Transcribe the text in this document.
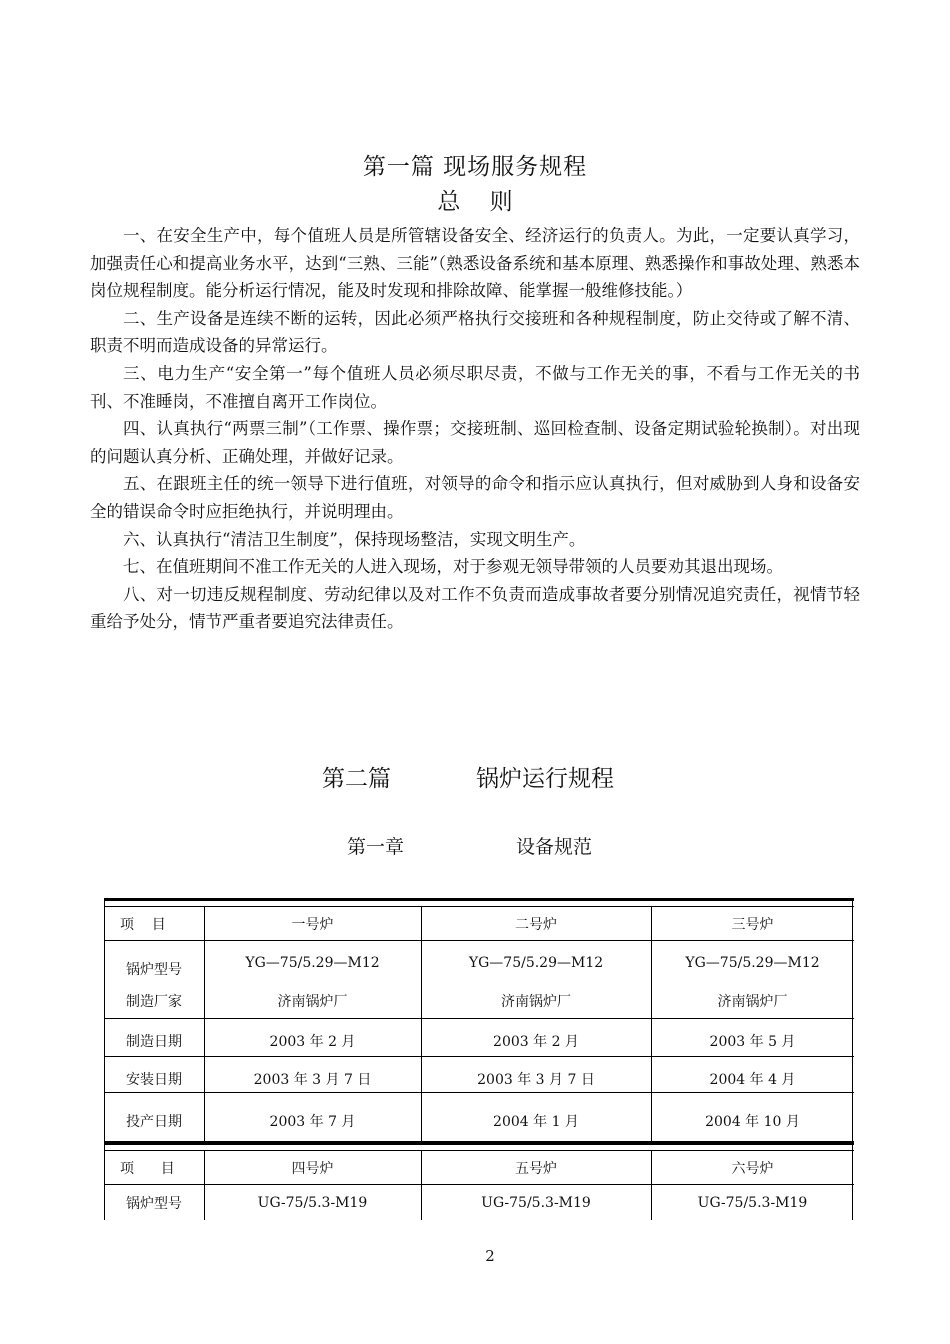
第一篇 现场服务规程
总    则

一、在安全生产中，每个值班人员是所管辖设备安全、经济运行的负责人。为此，一定要认真学习，加强责任心和提高业务水平，达到“三熟、三能”（熟悉设备系统和基本原理、熟悉操作和事故处理、熟悉本岗位规程制度。能分析运行情况，能及时发现和排除故障、能掌握一般维修技能。）

二、生产设备是连续不断的运转，因此必须严格执行交接班和各种规程制度，防止交待或了解不清、职责不明而造成设备的异常运行。

三、电力生产“安全第一”每个值班人员必须尽职尽责，不做与工作无关的事，不看与工作无关的书刊、不准睡岗，不准擅自离开工作岗位。

四、认真执行“两票三制”（工作票、操作票；交接班制、巡回检查制、设备定期试验轮换制）。对出现的问题认真分析、正确处理，并做好记录。

五、在跟班主任的统一领导下进行值班，对领导的命令和指示应认真执行，但对威胁到人身和设备安全的错误命令时应拒绝执行，并说明理由。

六、认真执行“清洁卫生制度”，保持现场整洁，实现文明生产。

七、在值班期间不准工作无关的人进入现场，对于参观无领导带领的人员要劝其退出现场。

八、对一切违反规程制度、劳动纪律以及对工作不负责而造成事故者要分别情况追究责任，视情节轻重给予处分，情节严重者要追究法律责任。

第二篇	锅炉运行规程
第一章	设备规范
项    目	一号炉	二号炉	三号炉
锅炉型号	YG—75/5.29—M12	YG—75/5.29—M12	YG—75/5.29—M12
制造厂家	济南锅炉厂	济南锅炉厂	济南锅炉厂
制造日期	2003 年 2 月	2003 年 2 月	2003 年 5 月
安装日期	2003 年 3 月 7 日	2003 年 3 月 7 日	2004 年 4 月
投产日期	2003 年 7 月	2004 年 1 月	2004 年 10 月
项      目	四号炉	五号炉	六号炉
锅炉型号	UG-75/5.3-M19	UG-75/5.3-M19	UG-75/5.3-M19
2
